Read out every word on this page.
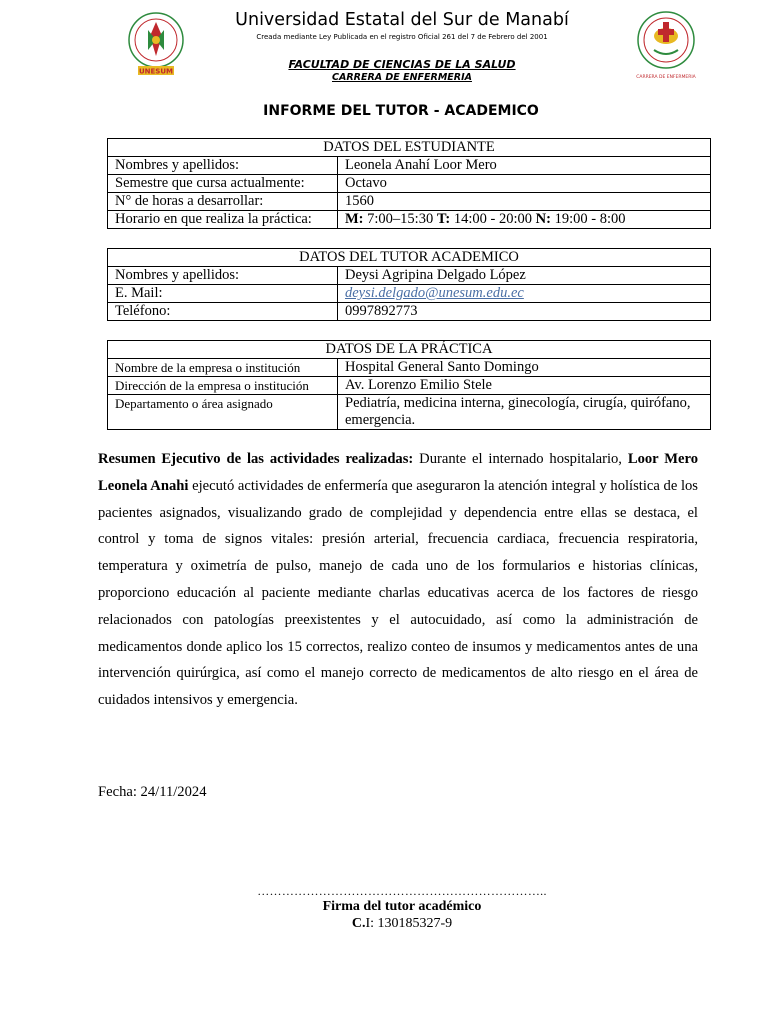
UNESUM
Universidad Estatal del Sur de Manabí
Creada mediante Ley Publicada en el registro Oficial 261 del 7 de Febrero del 2001
FACULTAD DE CIENCIAS DE LA SALUD
CARRERA DE ENFERMERIA	CARRERA DE ENFERMERIA
INFORME DEL TUTOR - ACADEMICO
DATOS DEL ESTUDIANTE	
Nombres y apellidos:	Leonela Anahí Loor Mero
Semestre que cursa actualmente:	Octavo
N° de horas a desarrollar:	1560
Horario en que realiza la práctica:	M: 7:00–15:30 T: 14:00 - 20:00 N: 19:00 - 8:00
DATOS DEL TUTOR ACADEMICO	
Nombres y apellidos:	Deysi Agripina Delgado López
E. Mail:	deysi.delgado@unesum.edu.ec
Teléfono:	0997892773
DATOS DE LA PRÁCTICA	
Nombre de la empresa o institución	Hospital General Santo Domingo
Dirección de la empresa o institución	Av. Lorenzo Emilio Stele
Departamento o área asignado	Pediatría, medicina interna, ginecología, cirugía, quirófano, emergencia.

Resumen Ejecutivo de las actividades realizadas: Durante el internado hospitalario, Loor Mero Leonela Anahi ejecutó actividades de enfermería que aseguraron la atención integral y holística de los pacientes asignados, visualizando grado de complejidad y dependencia entre ellas se destaca, el control y toma de signos vitales: presión arterial, frecuencia cardiaca, frecuencia respiratoria, temperatura y oximetría de pulso, manejo de cada uno de los formularios e historias clínicas, proporciono educación al paciente mediante charlas educativas acerca de los factores de riesgo relacionados con patologías preexistentes y el autocuidado, así como la administración de medicamentos donde aplico los 15 correctos, realizo conteo de insumos y medicamentos antes de una intervención quirúrgica, así como el manejo correcto de medicamentos de alto riesgo en el área de cuidados intensivos y emergencia.

Fecha: 24/11/2024
……………………………………………………………..
Firma del tutor académico
C.I: 130185327-9
